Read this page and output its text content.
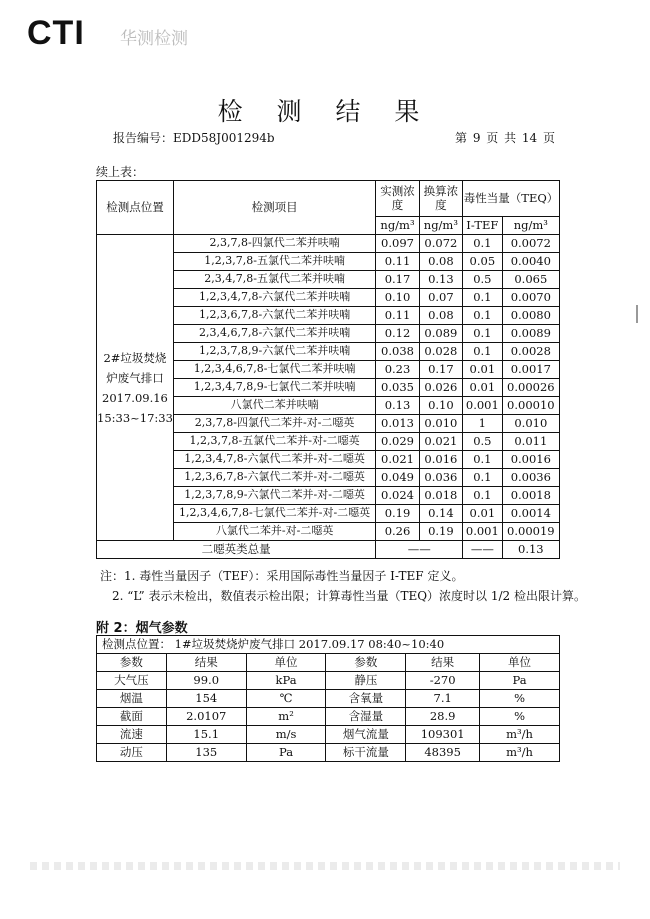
CTI 华测检测
检 测 结 果
报告编号：EDD58J001294b	第 9 页 共 14 页
续上表：
检测点位置	检测项目	实测浓度	换算浓度	毒性当量（TEQ）	
		ng/m³	ng/m³	I-TEF	ng/m³

2#垃圾焚烧
炉废气排口
2017.09.16
15:33~17:33	2,3,7,8-四氯代二苯并呋喃	0.097	0.072	0.1	0.0072
	1,2,3,7,8-五氯代二苯并呋喃	0.11	0.08	0.05	0.0040
	2,3,4,7,8-五氯代二苯并呋喃	0.17	0.13	0.5	0.065
	1,2,3,4,7,8-六氯代二苯并呋喃	0.10	0.07	0.1	0.0070
	1,2,3,6,7,8-六氯代二苯并呋喃	0.11	0.08	0.1	0.0080
	2,3,4,6,7,8-六氯代二苯并呋喃	0.12	0.089	0.1	0.0089
	1,2,3,7,8,9-六氯代二苯并呋喃	0.038	0.028	0.1	0.0028
	1,2,3,4,6,7,8-七氯代二苯并呋喃	0.23	0.17	0.01	0.0017
	1,2,3,4,7,8,9-七氯代二苯并呋喃	0.035	0.026	0.01	0.00026
	八氯代二苯并呋喃	0.13	0.10	0.001	0.00010
	2,3,7,8-四氯代二苯并-对-二噁英	0.013	0.010	1	0.010
	1,2,3,7,8-五氯代二苯并-对-二噁英	0.029	0.021	0.5	0.011
	1,2,3,4,7,8-六氯代二苯并-对-二噁英	0.021	0.016	0.1	0.0016
	1,2,3,6,7,8-六氯代二苯并-对-二噁英	0.049	0.036	0.1	0.0036
	1,2,3,7,8,9-六氯代二苯并-对-二噁英	0.024	0.018	0.1	0.0018
	1,2,3,4,6,7,8-七氯代二苯并-对-二噁英	0.19	0.14	0.01	0.0014
	八氯代二苯并-对-二噁英	0.26	0.19	0.001	0.00019
二噁英类总量		——		——	0.13
注：1. 毒性当量因子（TEF）：采用国际毒性当量因子 I-TEF 定义。
2. “L” 表示未检出，数值表示检出限；计算毒性当量（TEQ）浓度时以 1/2 检出限计算。
附 2：烟气参数
检测点位置： 1#垃圾焚烧炉废气排口 2017.09.17 08:40~10:40					
参数	结果	单位	参数	结果	单位
大气压	99.0	kPa	静压	-270	Pa
烟温	154	℃	含氧量	7.1	%
截面	2.0107	m²	含湿量	28.9	%
流速	15.1	m/s	烟气流量	109301	m³/h
动压	135	Pa	标干流量	48395	m³/h
